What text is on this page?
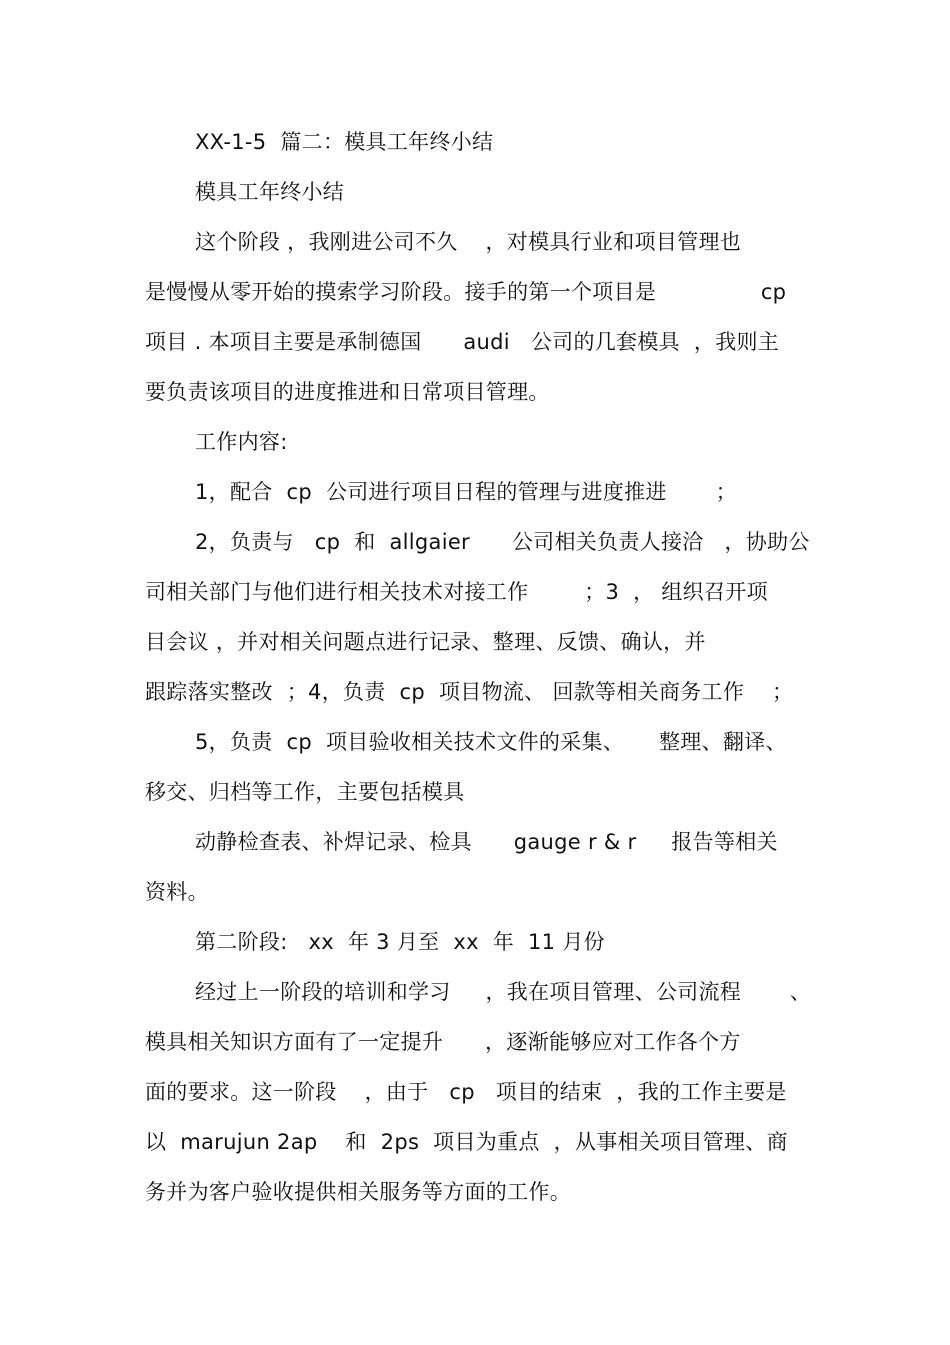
XX-1-5  篇二：模具工年终小结
模具工年终小结
这个阶段 ，我刚进公司不久    ，对模具行业和项目管理也
是慢慢从零开始的摸索学习阶段。接手的第一个项目是               cp
项目 . 本项目主要是承制德国      audi   公司的几套模具  ，我则主
要负责该项目的进度推进和日常项目管理。
工作内容:
1，配合  cp  公司进行项目日程的管理与进度推进       ；
2，负责与   cp  和  allgaier      公司相关负责人接洽   ，协助公
司相关部门与他们进行相关技术对接工作        ；3  ， 组织召开项
目会议 ，并对相关问题点进行记录、整理、反馈、确认，并
跟踪落实整改  ；4，负责  cp  项目物流、 回款等相关商务工作    ；
5，负责  cp  项目验收相关技术文件的采集、     整理、翻译、
移交、归档等工作，主要包括模具
动静检查表、补焊记录、检具      gauge r & r     报告等相关
资料。
第二阶段:   xx  年 3 月至  xx  年  11 月份
经过上一阶段的培训和学习     ，我在项目管理、公司流程       、
模具相关知识方面有了一定提升      ，逐渐能够应对工作各个方
面的要求。这一阶段    ，由于   cp   项目的结束  ，我的工作主要是
以  marujun 2ap    和  2ps  项目为重点  ，从事相关项目管理、商
务并为客户验收提供相关服务等方面的工作。
